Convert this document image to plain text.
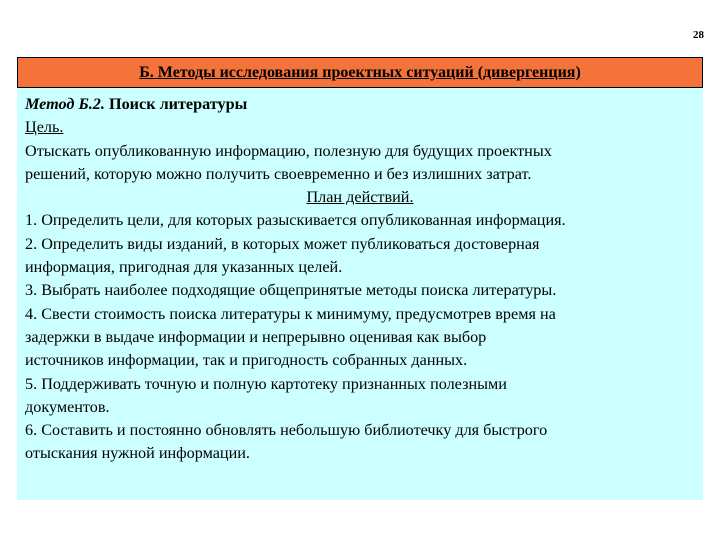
28
Б. Методы исследования проектных ситуаций (дивергенция)
Метод Б.2. Поиск литературы
Цель.
Отыскать опубликованную информацию, полезную для будущих проектных
решений, которую можно получить своевременно и без излишних затрат.
План действий.
1. Определить цели, для которых разыскивается опубликованная информация.
2. Определить виды изданий, в которых может публиковаться достоверная
информация, пригодная для указанных целей.
3. Выбрать наиболее подходящие общепринятые методы поиска литературы.
4. Свести стоимость поиска литературы к минимуму, предусмотрев время на
задержки в выдаче информации и непрерывно оценивая как выбор
источников информации, так и пригодность собранных данных.
5. Поддерживать точную и полную картотеку признанных полезными
документов.
6. Составить и постоянно обновлять небольшую библиотечку для быстрого
отыскания нужной информации.
